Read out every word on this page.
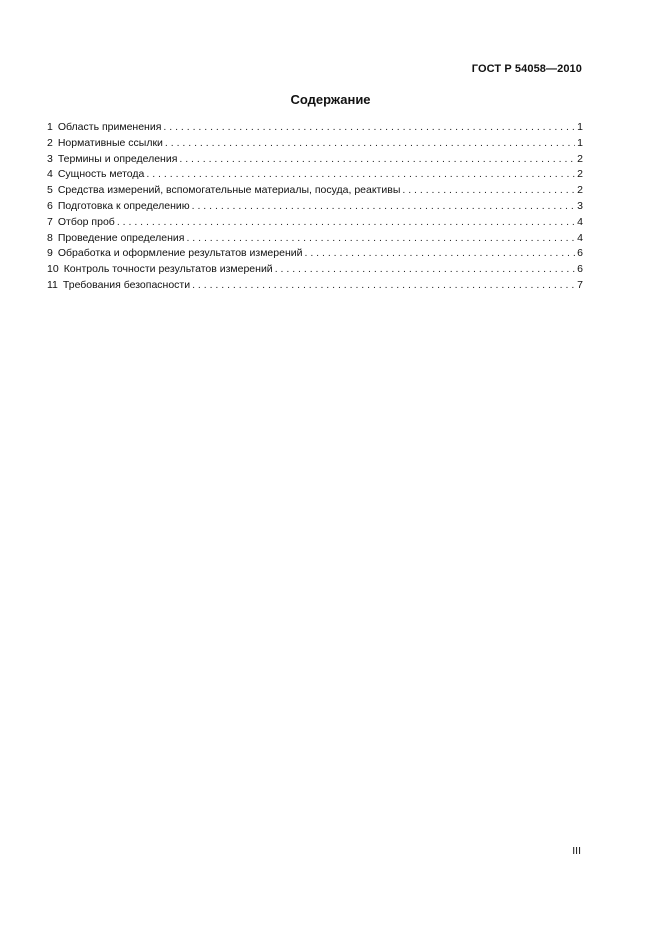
ГОСТ Р 54058—2010
Содержание
1 Область применения . . .	1
2 Нормативные ссылки . . .	1
3 Термины и определения . . .	2
4 Сущность метода . . .	2
5 Средства измерений, вспомогательные материалы, посуда, реактивы . . .	2
6 Подготовка к определению . . .	3
7 Отбор проб . . .	4
8 Проведение определения . . .	4
9 Обработка и оформление результатов измерений . . .	6
10 Контроль точности результатов измерений . . .	6
11 Требования безопасности . . .	7
III
